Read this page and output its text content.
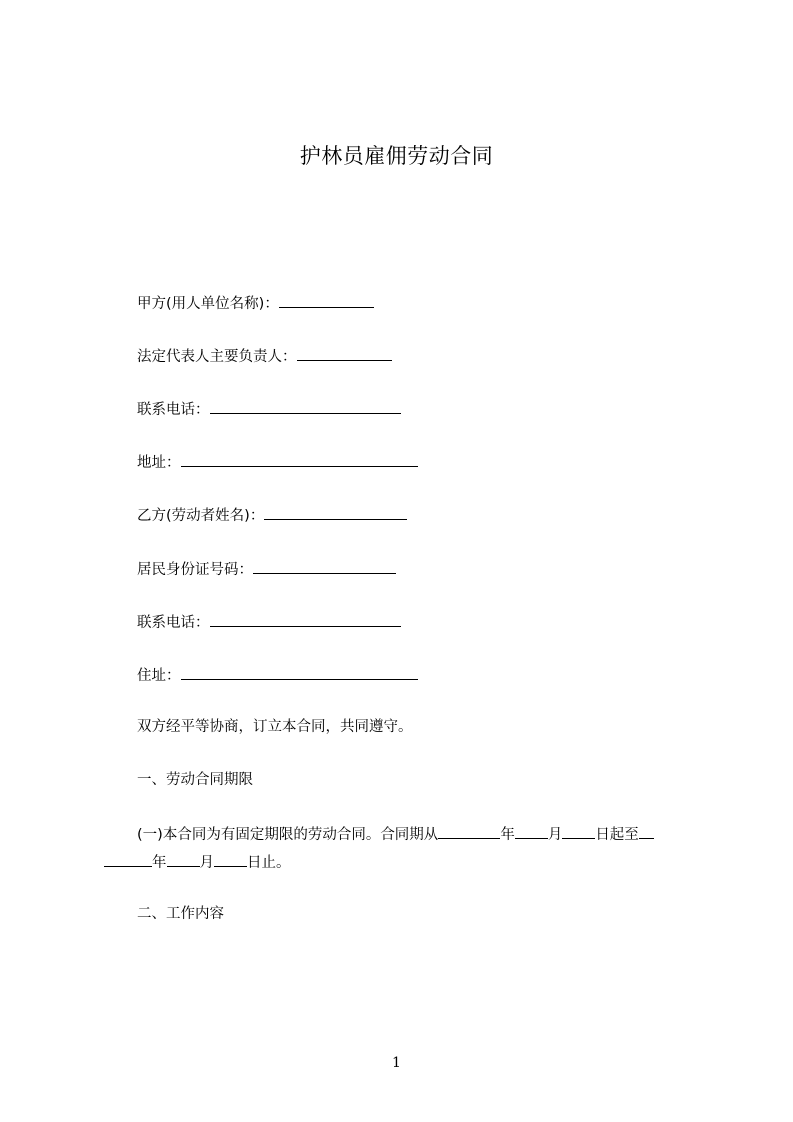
护林员雇佣劳动合同
甲方(用人单位名称)：
法定代表人主要负责人：
联系电话：
地址：
乙方(劳动者姓名)：
居民身份证号码：
联系电话：
住址：
双方经平等协商，订立本合同，共同遵守。
一、劳动合同期限
(一)本合同为有固定期限的劳动合同。合同期从	年 月 日起至
年 月 日止。
二、工作内容
1
